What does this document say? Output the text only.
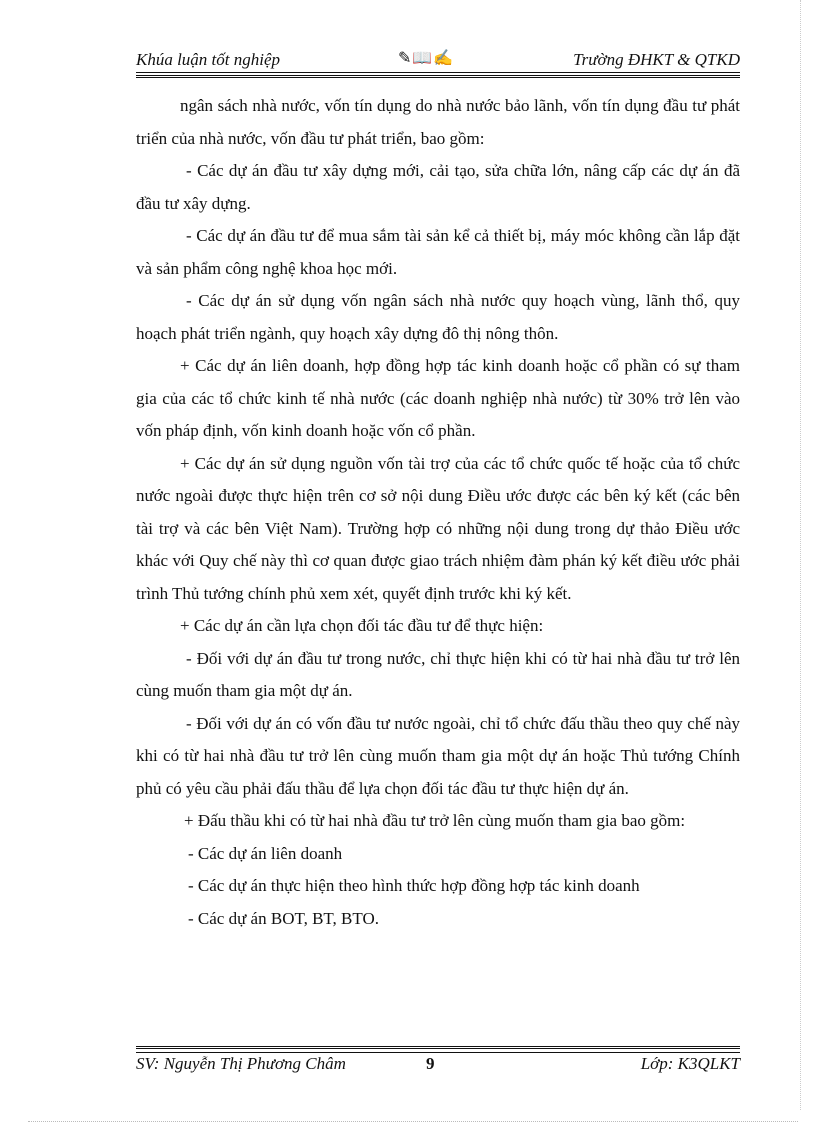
Khúa luận tốt nghiệp	✎📖✍	Trường ĐHKT & QTKD

ngân sách nhà nước, vốn tín dụng do nhà nước bảo lãnh, vốn tín dụng đầu tư phát triển của nhà nước, vốn đầu tư phát triển, bao gồm:

- Các dự án đầu tư xây dựng mới, cải tạo, sửa chữa lớn, nâng cấp các dự án đã đầu tư xây dựng.

- Các dự án đầu tư để mua sắm tài sản kể cả thiết bị, máy móc không cần lắp đặt và sản phẩm công nghệ khoa học mới.

- Các dự án sử dụng vốn ngân sách nhà nước quy hoạch vùng, lãnh thổ, quy hoạch phát triển ngành, quy hoạch xây dựng đô thị nông thôn.

+ Các dự án liên doanh, hợp đồng hợp tác kinh doanh hoặc cổ phần có sự tham gia của các tổ chức kinh tế nhà nước (các doanh nghiệp nhà nước) từ 30% trở lên vào vốn pháp định, vốn kinh doanh hoặc vốn cổ phần.

+ Các dự án sử dụng nguồn vốn tài trợ của các tổ chức quốc tế hoặc của tổ chức nước ngoài được thực hiện trên cơ sở nội dung Điều ước được các bên ký kết (các bên tài trợ và các bên Việt Nam). Trường hợp có những nội dung trong dự thảo Điều ước khác với Quy chế này thì cơ quan được giao trách nhiệm đàm phán ký kết điều ước phải trình Thủ tướng chính phủ xem xét, quyết định trước khi ký kết.

+ Các dự án cần lựa chọn đối tác đầu tư để thực hiện:

- Đối với dự án đầu tư trong nước, chỉ thực hiện khi có từ hai nhà đầu tư trở lên cùng muốn tham gia một dự án.

- Đối với dự án có vốn đầu tư nước ngoài, chỉ tổ chức đấu thầu theo quy chế này khi có từ hai nhà đầu tư trở lên cùng muốn tham gia một dự án hoặc Thủ tướng Chính phủ có yêu cầu phải đấu thầu để lựa chọn đối tác đầu tư thực hiện dự án.

+ Đấu thầu khi có từ hai nhà đầu tư trở lên cùng muốn tham gia bao gồm:

- Các dự án liên doanh

- Các dự án thực hiện theo hình thức hợp đồng hợp tác kinh doanh

- Các dự án BOT, BT, BTO.

SV: Nguyễn Thị Phương Châm	9	Lớp: K3QLKT
